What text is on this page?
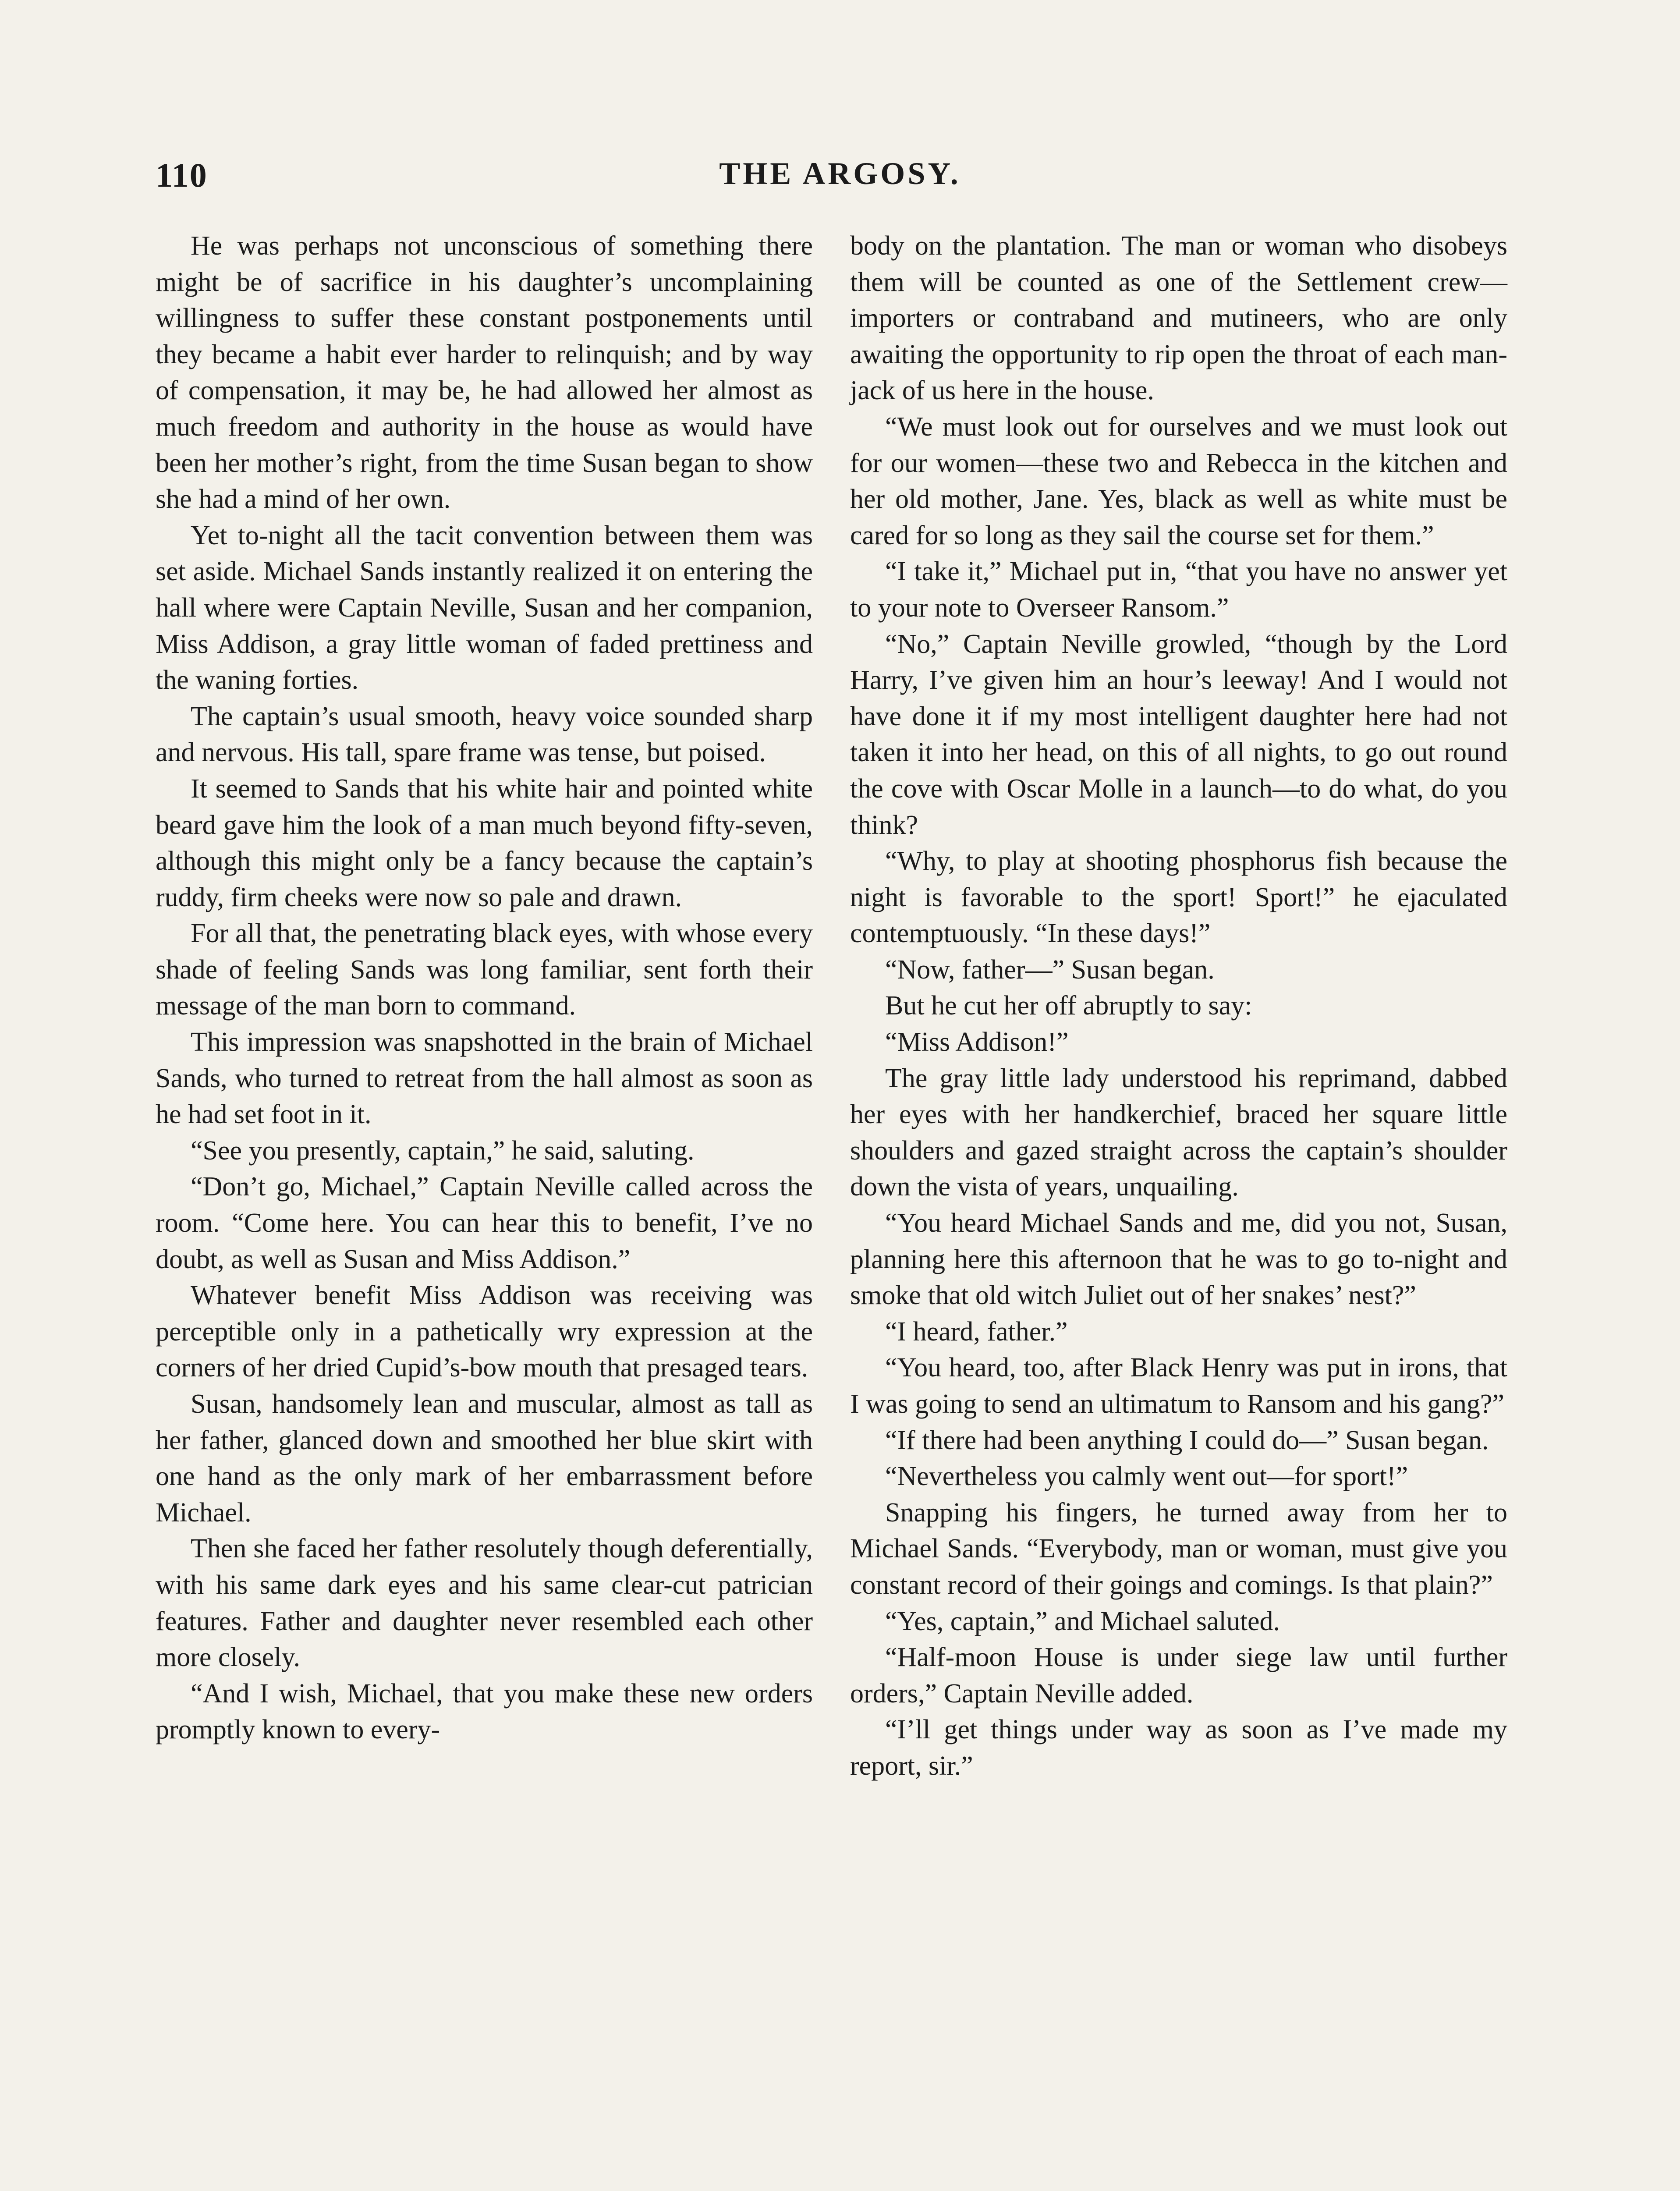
110	THE ARGOSY.

He was perhaps not unconscious of something there might be of sacrifice in his daughter’s uncomplaining willingness to suffer these constant postponements until they became a habit ever harder to relinquish; and by way of compensation, it may be, he had allowed her almost as much freedom and authority in the house as would have been her mother’s right, from the time Susan began to show she had a mind of her own.

Yet to-night all the tacit convention between them was set aside. Michael Sands instantly realized it on entering the hall where were Captain Neville, Susan and her companion, Miss Addison, a gray little woman of faded prettiness and the waning forties.

The captain’s usual smooth, heavy voice sounded sharp and nervous. His tall, spare frame was tense, but poised.

It seemed to Sands that his white hair and pointed white beard gave him the look of a man much beyond fifty-seven, although this might only be a fancy because the captain’s ruddy, firm cheeks were now so pale and drawn.

For all that, the penetrating black eyes, with whose every shade of feeling Sands was long familiar, sent forth their message of the man born to command.

This impression was snapshotted in the brain of Michael Sands, who turned to retreat from the hall almost as soon as he had set foot in it.

“See you presently, captain,” he said, saluting.

“Don’t go, Michael,” Captain Neville called across the room. “Come here. You can hear this to benefit, I’ve no doubt, as well as Susan and Miss Addison.”

Whatever benefit Miss Addison was receiving was perceptible only in a pathetically wry expression at the corners of her dried Cupid’s-bow mouth that presaged tears.

Susan, handsomely lean and muscular, almost as tall as her father, glanced down and smoothed her blue skirt with one hand as the only mark of her embarrassment before Michael.

Then she faced her father resolutely though deferentially, with his same dark eyes and his same clear-cut patrician features. Father and daughter never resembled each other more closely.

“And I wish, Michael, that you make these new orders promptly known to every-

body on the plantation. The man or woman who disobeys them will be counted as one of the Settlement crew—importers or contraband and mutineers, who are only awaiting the opportunity to rip open the throat of each man-jack of us here in the house.

“We must look out for ourselves and we must look out for our women—these two and Rebecca in the kitchen and her old mother, Jane. Yes, black as well as white must be cared for so long as they sail the course set for them.”

“I take it,” Michael put in, “that you have no answer yet to your note to Overseer Ransom.”

“No,” Captain Neville growled, “though by the Lord Harry, I’ve given him an hour’s leeway! And I would not have done it if my most intelligent daughter here had not taken it into her head, on this of all nights, to go out round the cove with Oscar Molle in a launch—to do what, do you think?

“Why, to play at shooting phosphorus fish because the night is favorable to the sport! Sport!” he ejaculated contemptuously. “In these days!”

“Now, father—” Susan began.

But he cut her off abruptly to say:

“Miss Addison!”

The gray little lady understood his reprimand, dabbed her eyes with her handkerchief, braced her square little shoulders and gazed straight across the captain’s shoulder down the vista of years, unquailing.

“You heard Michael Sands and me, did you not, Susan, planning here this afternoon that he was to go to-night and smoke that old witch Juliet out of her snakes’ nest?”

“I heard, father.”

“You heard, too, after Black Henry was put in irons, that I was going to send an ultimatum to Ransom and his gang?”

“If there had been anything I could do—” Susan began.

“Nevertheless you calmly went out—for sport!”

Snapping his fingers, he turned away from her to Michael Sands. “Everybody, man or woman, must give you constant record of their goings and comings. Is that plain?”

“Yes, captain,” and Michael saluted.

“Half-moon House is under siege law until further orders,” Captain Neville added.

“I’ll get things under way as soon as I’ve made my report, sir.”
